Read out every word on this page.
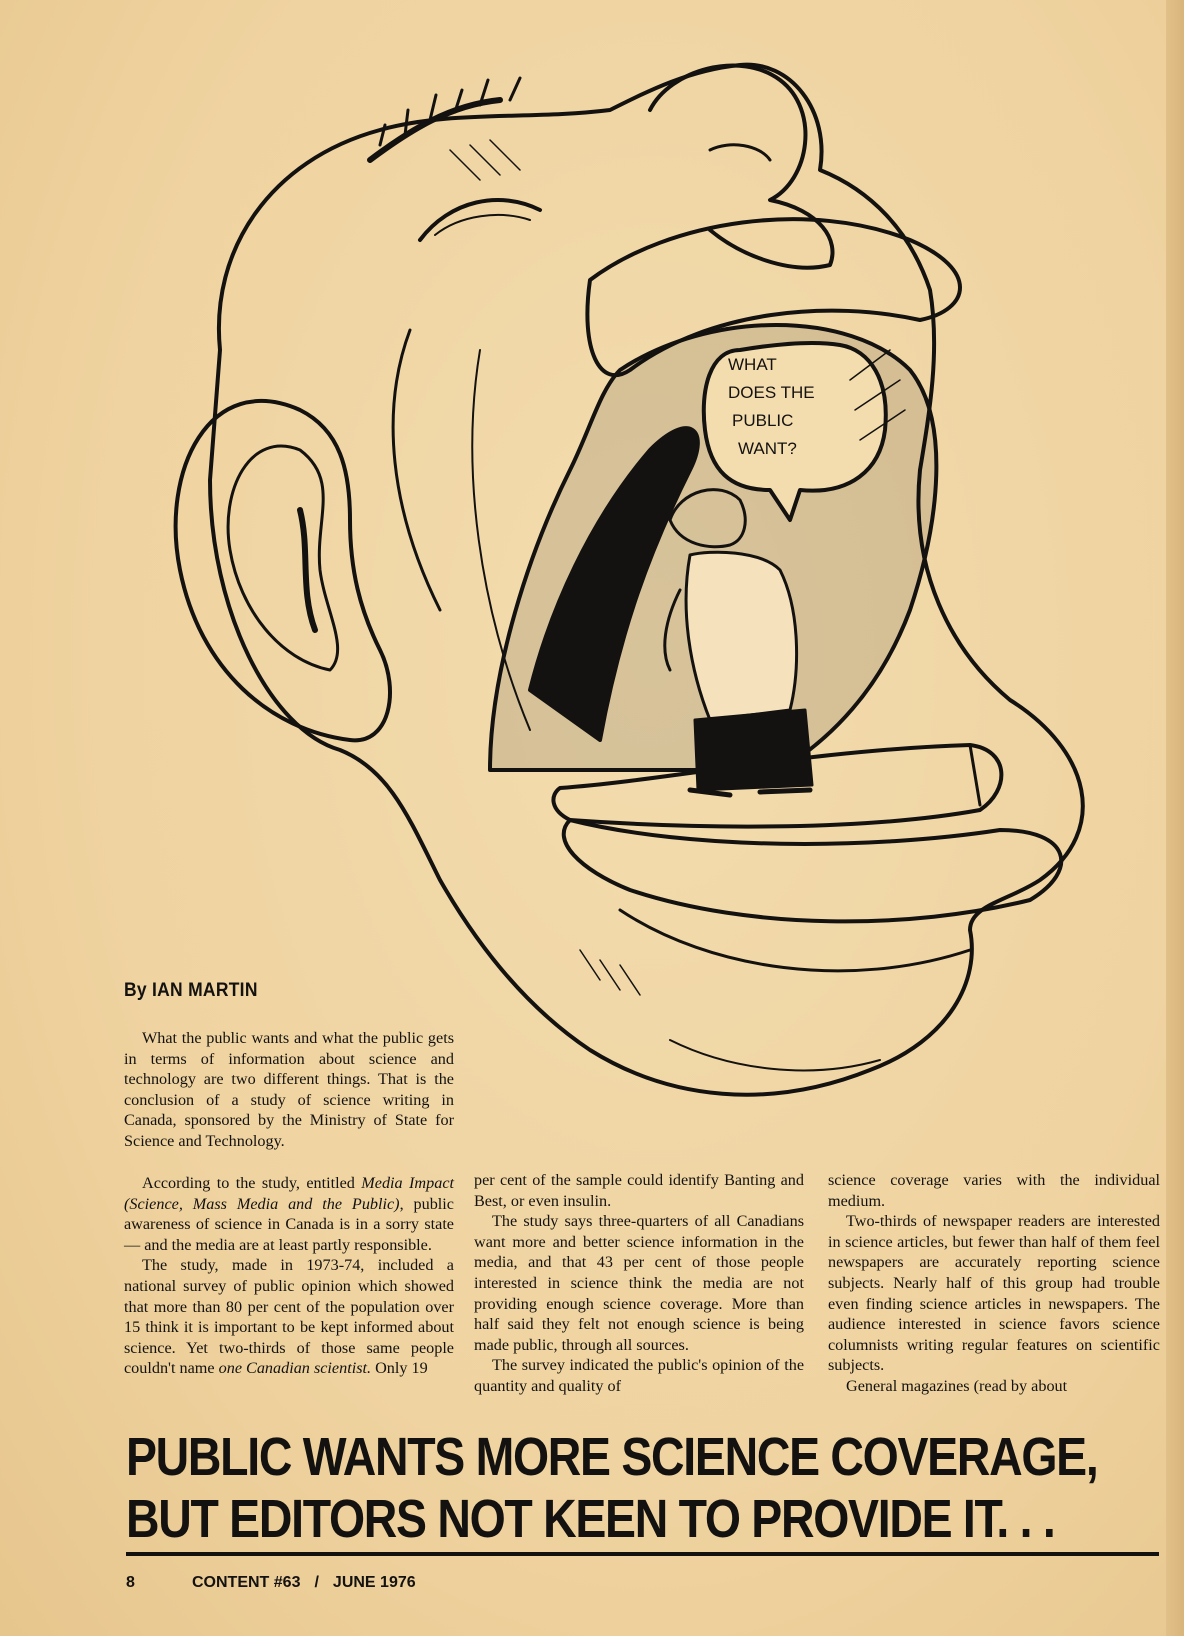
WHAT
DOES THE
PUBLIC
WANT?
By IAN MARTIN

What the public wants and what the public gets in terms of information about science and technology are two different things. That is the conclusion of a study of science writing in Canada, sponsored by the Ministry of State for Science and Technology.

According to the study, entitled Media Impact (Science, Mass Media and the Public), public awareness of science in Canada is in a sorry state — and the media are at least partly responsible.

The study, made in 1973-74, included a national survey of public opinion which showed that more than 80 per cent of the population over 15 think it is important to be kept informed about science. Yet two-thirds of those same people couldn't name one Canadian scientist. Only 19

per cent of the sample could identify Banting and Best, or even insulin.

The study says three-quarters of all Canadians want more and better science information in the media, and that 43 per cent of those people interested in science think the media are not providing enough science coverage. More than half said they felt not enough science is being made public, through all sources.

The survey indicated the public's opinion of the quantity and quality of

science coverage varies with the individual medium.

Two-thirds of newspaper readers are interested in science articles, but fewer than half of them feel newspapers are accurately reporting science subjects. Nearly half of this group had trouble even finding science articles in newspapers. The audience interested in science favors science columnists writing regular features on scientific subjects.

General magazines (read by about

PUBLIC WANTS MORE SCIENCE COVERAGE,
BUT EDITORS NOT KEEN TO PROVIDE IT. . .
8	CONTENT #63 / JUNE 1976
